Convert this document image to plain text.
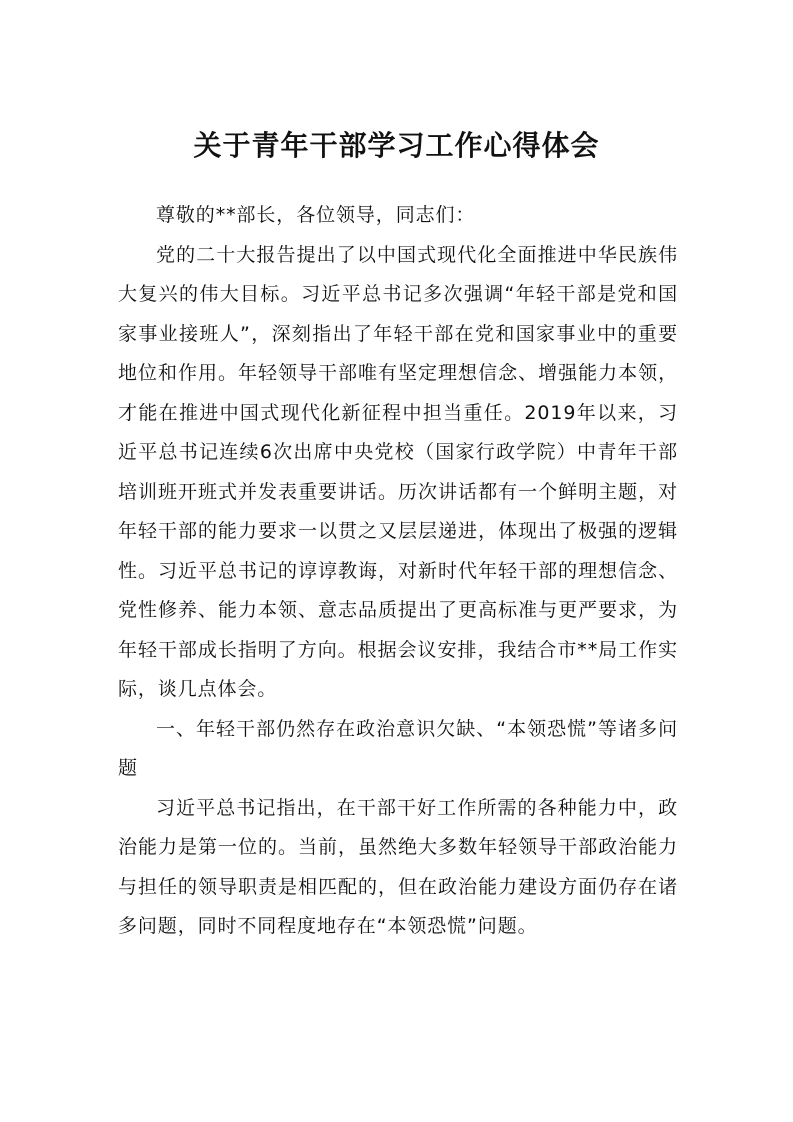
关于青年干部学习工作心得体会

尊敬的**部长，各位领导，同志们：

党的二十大报告提出了以中国式现代化全面推进中华民族伟大复兴的伟大目标。习近平总书记多次强调“年轻干部是党和国家事业接班人”，深刻指出了年轻干部在党和国家事业中的重要地位和作用。年轻领导干部唯有坚定理想信念、增强能力本领，才能在推进中国式现代化新征程中担当重任。2019年以来，习近平总书记连续6次出席中央党校（国家行政学院）中青年干部培训班开班式并发表重要讲话。历次讲话都有一个鲜明主题，对年轻干部的能力要求一以贯之又层层递进，体现出了极强的逻辑性。习近平总书记的谆谆教诲，对新时代年轻干部的理想信念、党性修养、能力本领、意志品质提出了更高标准与更严要求，为年轻干部成长指明了方向。根据会议安排，我结合市**局工作实际，谈几点体会。

一、年轻干部仍然存在政治意识欠缺、“本领恐慌”等诸多问题

习近平总书记指出，在干部干好工作所需的各种能力中，政治能力是第一位的。当前，虽然绝大多数年轻领导干部政治能力与担任的领导职责是相匹配的，但在政治能力建设方面仍存在诸多问题，同时不同程度地存在“本领恐慌”问题。
